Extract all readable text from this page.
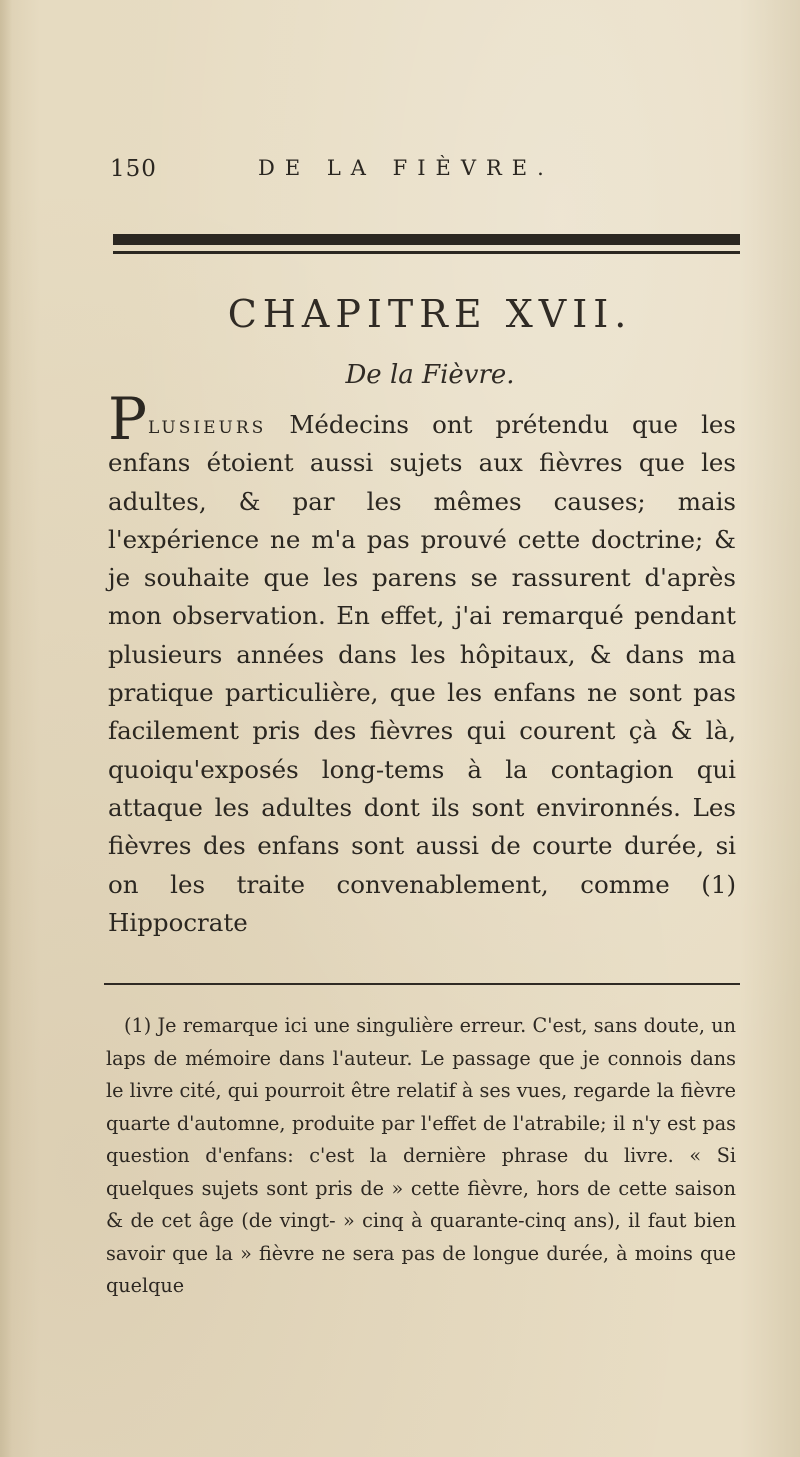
150	DE LA FIÈVRE.
CHAPITRE XVII.
De la Fièvre.

Plusieurs Médecins ont prétendu que les enfans étoient aussi sujets aux fièvres que les adultes, & par les mêmes causes; mais l'expérience ne m'a pas prouvé cette doctrine; & je souhaite que les parens se rassurent d'après mon observation. En effet, j'ai remarqué pendant plusieurs années dans les hôpitaux, & dans ma pratique particulière, que les enfans ne sont pas facilement pris des fièvres qui courent çà & là, quoiqu'exposés long-tems à la contagion qui attaque les adultes dont ils sont environnés. Les fièvres des enfans sont aussi de courte durée, si on les traite convenablement, comme (1) Hippocrate

(1) Je remarque ici une singulière erreur. C'est, sans doute, un laps de mémoire dans l'auteur. Le passage que je connois dans le livre cité, qui pourroit être relatif à ses vues, regarde la fièvre quarte d'automne, produite par l'effet de l'atrabile; il n'y est pas question d'enfans: c'est la dernière phrase du livre. « Si quelques sujets sont pris de » cette fièvre, hors de cette saison & de cet âge (de vingt- » cinq à quarante-cinq ans), il faut bien savoir que la » fièvre ne sera pas de longue durée, à moins que quelque
